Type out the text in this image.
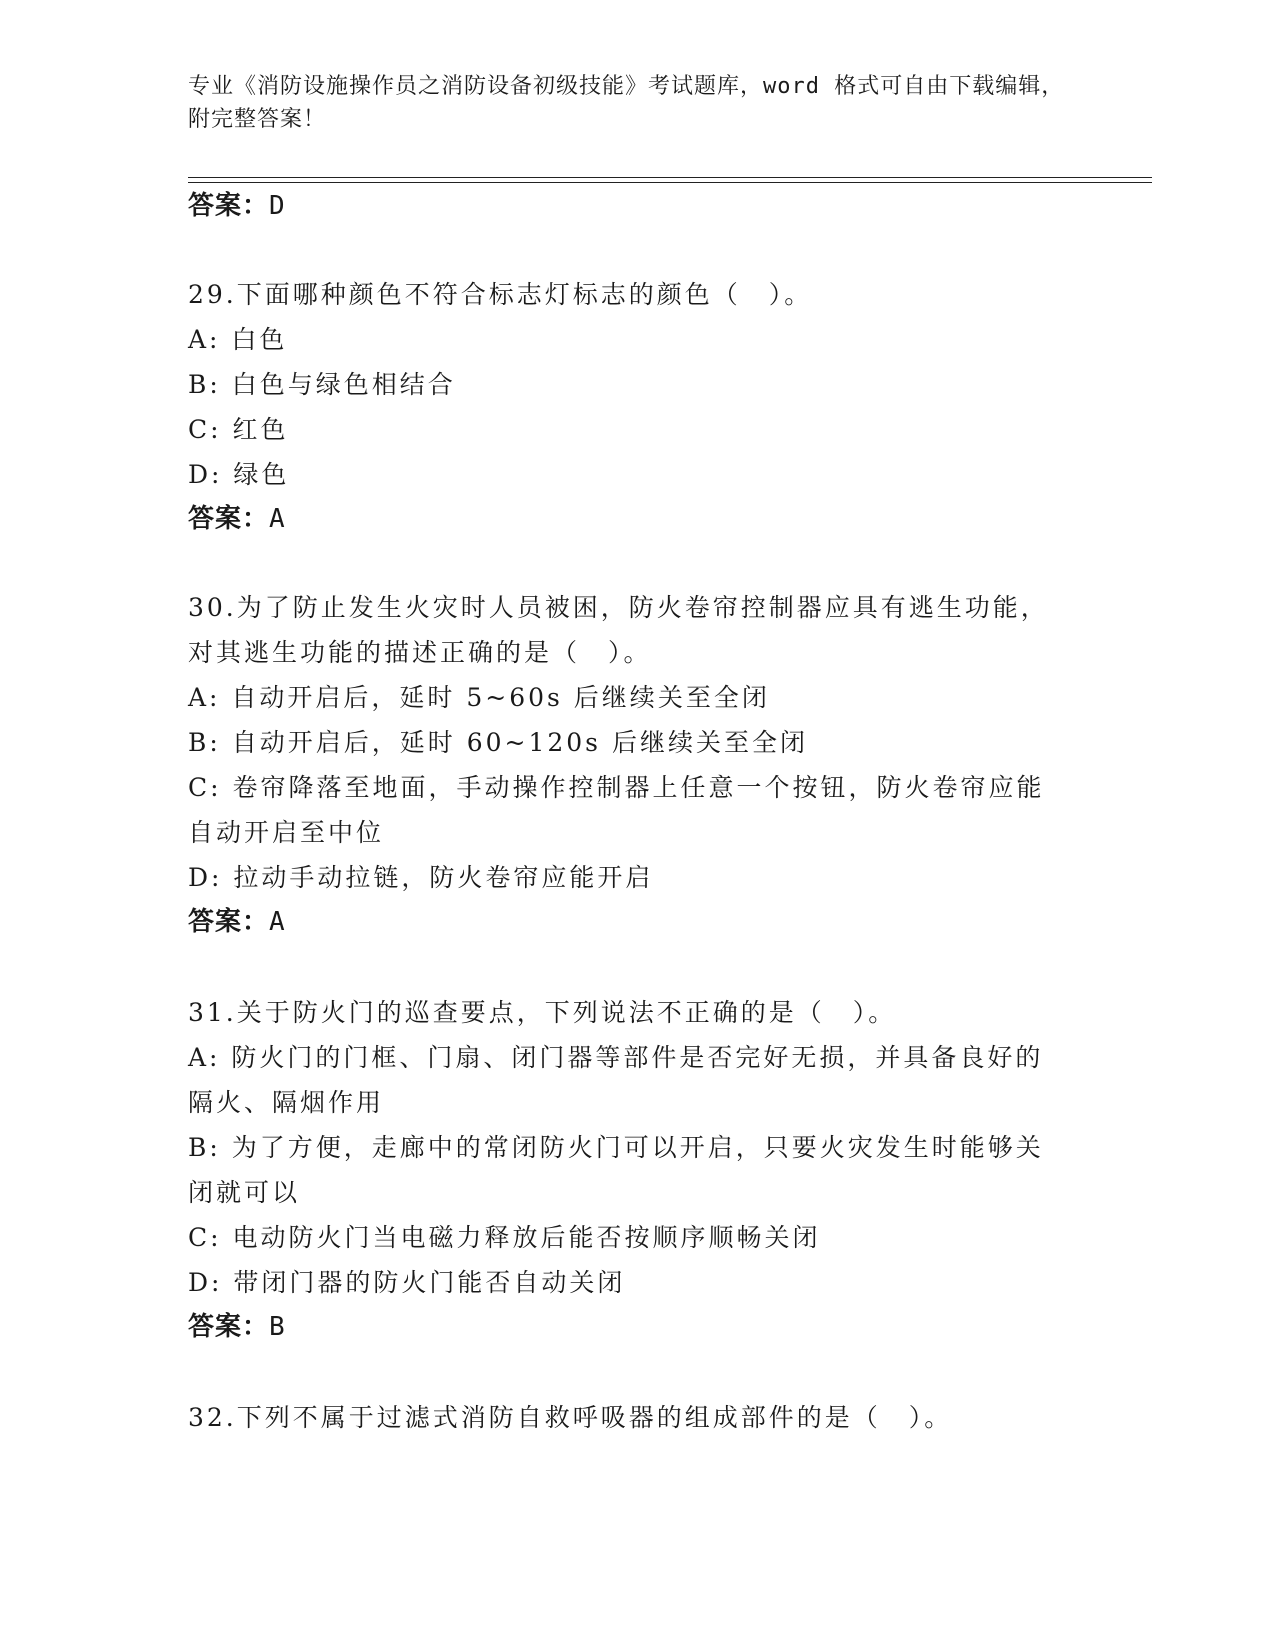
专业《消防设施操作员之消防设备初级技能》考试题库，word 格式可自由下载编辑，附完整答案！
答案：D
29.下面哪种颜色不符合标志灯标志的颜色（　）。
A: 白色
B: 白色与绿色相结合
C: 红色
D: 绿色
答案：A
30.为了防止发生火灾时人员被困，防火卷帘控制器应具有逃生功能，
对其逃生功能的描述正确的是（　）。
A: 自动开启后，延时 5~60s 后继续关至全闭
B: 自动开启后，延时 60~120s 后继续关至全闭
C: 卷帘降落至地面，手动操作控制器上任意一个按钮，防火卷帘应能
自动开启至中位
D: 拉动手动拉链，防火卷帘应能开启
答案：A
31.关于防火门的巡查要点，下列说法不正确的是（　）。
A: 防火门的门框、门扇、闭门器等部件是否完好无损，并具备良好的
隔火、隔烟作用
B: 为了方便，走廊中的常闭防火门可以开启，只要火灾发生时能够关
闭就可以
C: 电动防火门当电磁力释放后能否按顺序顺畅关闭
D: 带闭门器的防火门能否自动关闭
答案：B
32.下列不属于过滤式消防自救呼吸器的组成部件的是（　）。
